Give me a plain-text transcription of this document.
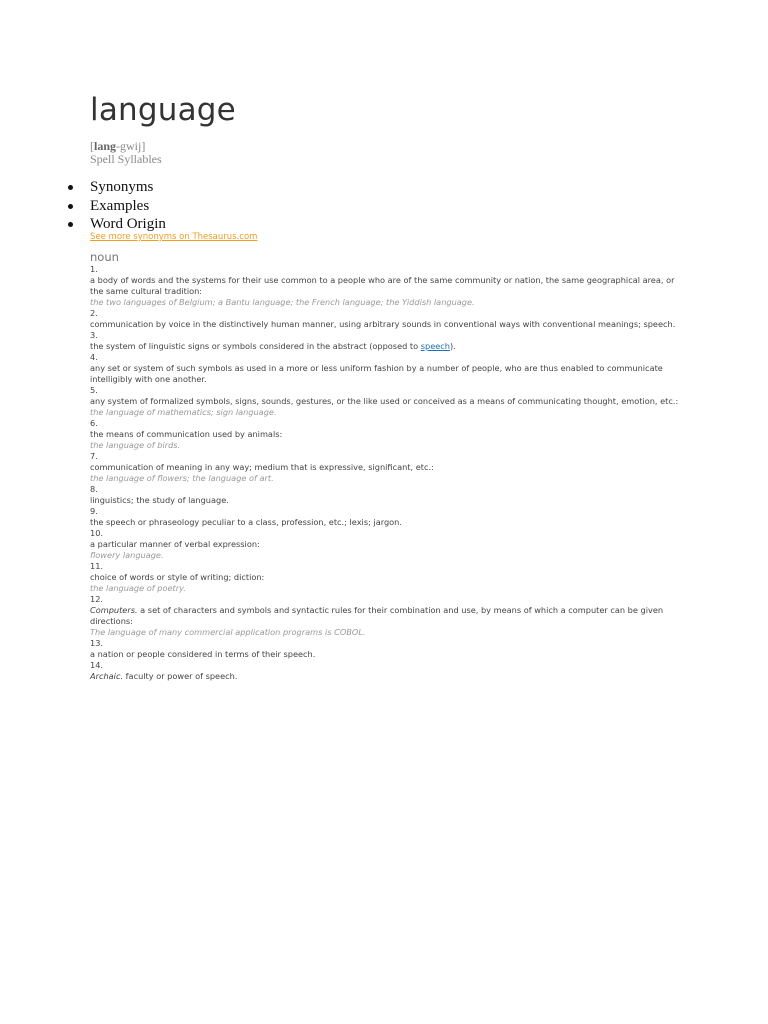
language
[lang-gwij]
Spell Syllables
Synonyms
Examples
Word Origin
See more synonyms on Thesaurus.com
noun
1.
a body of words and the systems for their use common to a people who are of the same community or nation, the same geographical area, or the same cultural tradition:
the two languages of Belgium; a Bantu language; the French language; the Yiddish language.
2.
communication by voice in the distinctively human manner, using arbitrary sounds in conventional ways with conventional meanings; speech.
3.
the system of linguistic signs or symbols considered in the abstract (opposed to speech).
4.
any set or system of such symbols as used in a more or less uniform fashion by a number of people, who are thus enabled to communicate intelligibly with one another.
5.
any system of formalized symbols, signs, sounds, gestures, or the like used or conceived as a means of communicating thought, emotion, etc.:
the language of mathematics; sign language.
6.
the means of communication used by animals:
the language of birds.
7.
communication of meaning in any way; medium that is expressive, significant, etc.:
the language of flowers; the language of art.
8.
linguistics; the study of language.
9.
the speech or phraseology peculiar to a class, profession, etc.; lexis; jargon.
10.
a particular manner of verbal expression:
flowery language.
11.
choice of words or style of writing; diction:
the language of poetry.
12.
Computers. a set of characters and symbols and syntactic rules for their combination and use, by means of which a computer can be given directions:
The language of many commercial application programs is COBOL.
13.
a nation or people considered in terms of their speech.
14.
Archaic. faculty or power of speech.
